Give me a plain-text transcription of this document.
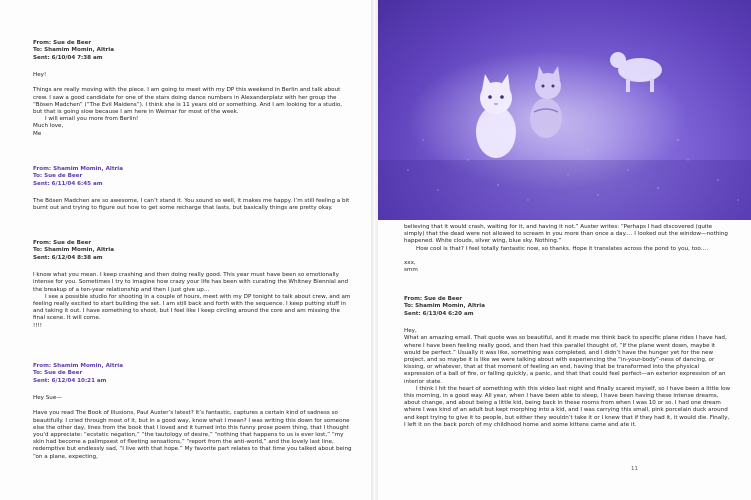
From: Sue de Beer
To: Shamim Momin, Altria
Sent: 6/10/04 7:38 am
Hey!
Things are really moving with the piece. I am going to meet with my DP this weekend in Berlin and talk about crew. I saw a good candidate for one of the stars doing dance numbers in Alexanderplatz with her group the “Bösen Madchen” (“The Evil Maidens”). I think she is 11 years old or something. And I am looking for a studio, but that is going slow because I am here in Weimar for most of the week.
I will email you more from Berlin!
Much love,
Me
From: Shamim Momin, Altria
To: Sue de Beer
Sent: 6/11/04 6:45 am
The Bösen Madchen are so awesome, I can’t stand it. You sound so well, it makes me happy. I’m still feeling a bit burnt out and trying to figure out how to get some recharge that lasts, but basically things are pretty okay.
From: Sue de Beer
To: Shamim Momin, Altria
Sent: 6/12/04 8:38 am
I know what you mean. I keep crashing and then doing really good. This year must have been so emotionally intense for you. Sometimes I try to imagine how crazy your life has been with curating the Whitney Biennial and the breakup of a ten-year relationship and then I just give up…
I see a possible studio for shooting in a couple of hours, meet with my DP tonight to talk about crew, and am feeling really excited to start building the set. I am still back and forth with the sequence. I keep putting stuff in and taking it out. I have something to shoot, but I feel like I keep circling around the core and am missing the final scene. It will come.
!!!!
From: Shamim Momin, Altria
To: Sue de Beer
Sent: 6/12/04 10:21 am
Hey Sue—
Have you read The Book of Illusions, Paul Auster’s latest? It’s fantastic, captures a certain kind of sadness so beautifully. I cried through most of it, but in a good way, know what I mean? I was writing this down for someone else the other day, lines from the book that I loved and it turned into this funny prose poem thing, that I thought you’d appreciate: “ecstatic negation,” “the tautology of desire,” “nothing that happens to us is ever lost,” “my skin had become a palimpsest of fleeting sensations,” “report from the anti-world,” and the lovely last line, redemptive but endlessly sad, “I live with that hope.” My favorite part relates to that time you talked about being “on a plane, expecting,
believing that it would crash, waiting for it, and having it not.” Auster writes: “Perhaps I had discovered (quite simply) that the dead were not allowed to scream in you more than once a day.… I looked out the window—nothing happened. White clouds, silver wing, blue sky. Nothing.”
How cool is that? I feel totally fantastic now, so thanks. Hope it translates across the pond to you, too….
xxx,
smm
From: Sue de Beer
To: Shamim Momin, Altria
Sent: 6/13/04 6:20 am
Hey,
What an amazing email. That quote was so beautiful, and it made me think back to specific plane rides I have had, where I have been feeling really good, and then had this parallel thought of, “If the plane went down, maybe it would be perfect.” Usually it was like, something was completed, and I didn’t have the hunger yet for the new project, and so maybe it is like we were talking about with experiencing the “in-your-body”-ness of dancing, or kissing, or whatever, that at that moment of feeling an end, having that be transformed into the physical expression of a ball of fire, or falling quickly, a panic, and that that could feel perfect—an exterior expression of an interior state.
I think I hit the heart of something with this video last night and finally scared myself, so I have been a little low this morning, in a good way. All year, when I have been able to sleep, I have been having these intense dreams, about change, and about being a little kid, being back in these rooms from when I was 10 or so. I had one dream where I was kind of an adult but kept morphing into a kid, and I was carrying this small, pink porcelain duck around and kept trying to give it to people, but either they wouldn’t take it or I knew that if they had it, it would die. Finally, I left it on the back porch of my childhood home and some kittens came and ate it.
11
